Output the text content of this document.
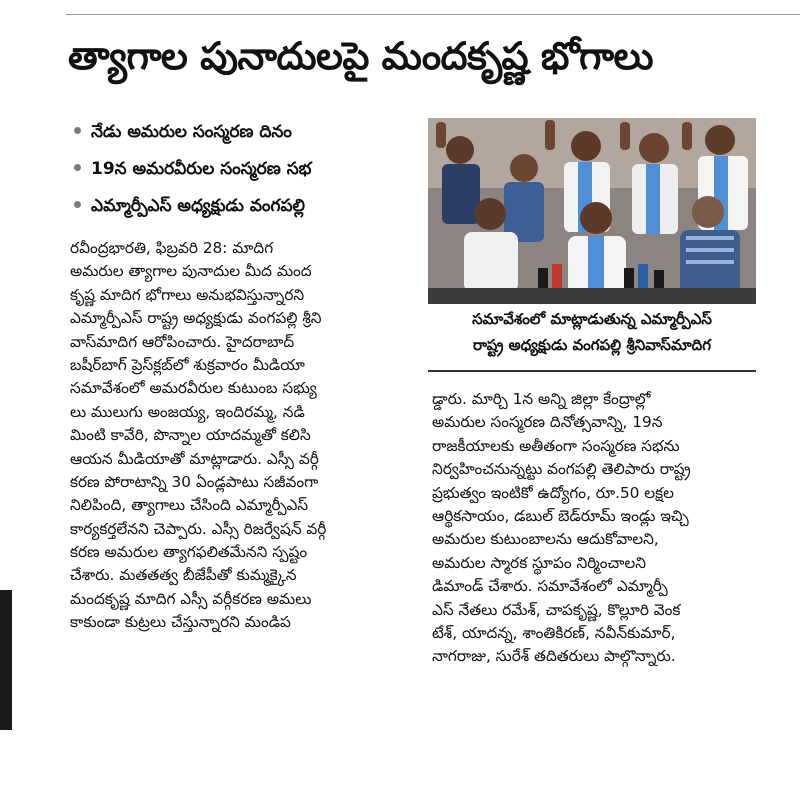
త్యాగాల పునాదులపై మందకృష్ణ భోగాలు
నేడు అమరుల సంస్మరణ దినం
19న అమరవీరుల సంస్మరణ సభ
ఎమ్మార్పీఎస్ అధ్యక్షుడు వంగపల్లి
సమావేశంలో మాట్లాడుతున్న ఎమ్మార్పీఎస్
రాష్ట్ర అధ్యక్షుడు వంగపల్లి శ్రీనివాస్‌మాదిగ
రవీంద్రభారతి, ఫిబ్రవరి 28: మాదిగ
అమరుల త్యాగాల పునాదుల మీద మంద
కృష్ణ మాదిగ భోగాలు అనుభవిస్తున్నారని
ఎమ్మార్పీఎస్ రాష్ట్ర అధ్యక్షుడు వంగపల్లి శ్రీని
వాస్‌మాదిగ ఆరోపించారు. హైదరాబాద్
బషీర్‌బాగ్ ప్రెస్‌క్లబ్‌లో శుక్రవారం మీడియా
సమావేశంలో అమరవీరుల కుటుంబ సభ్యు
లు ములుగు అంజయ్య, ఇందిరమ్మ, నడి
మింటి కావేరి, పొన్నాల యాదమ్మతో కలిసి
ఆయన మీడియాతో మాట్లాడారు. ఎస్సీ వర్గీ
కరణ పోరాటాన్ని 30 ఏండ్లపాటు సజీవంగా
నిలిపింది, త్యాగాలు చేసింది ఎమ్మార్పీఎస్
కార్యకర్తలేనని చెప్పారు. ఎస్సీ రిజర్వేషన్ వర్గీ
కరణ అమరుల త్యాగఫలితమేనని స్పష్టం
చేశారు. మతతత్వ బీజేపీతో కుమ్మక్కైన
మందకృష్ణ మాదిగ ఎస్సీ వర్గీకరణ అమలు
కాకుండా కుట్రలు చేస్తున్నారని మండిప
డ్డారు. మార్చి 1న అన్ని జిల్లా కేంద్రాల్లో
అమరుల సంస్మరణ దినోత్సవాన్ని, 19న
రాజకీయాలకు అతీతంగా సంస్మరణ సభను
నిర్వహించనున్నట్టు వంగపల్లి తెలిపారు రాష్ట్ర
ప్రభుత్వం ఇంటికో ఉద్యోగం, రూ.50 లక్షల
ఆర్థికసాయం, డబుల్ బెడ్‌రూమ్ ఇండ్లు ఇచ్చి
అమరుల కుటుంబాలను ఆదుకోవాలని,
అమరుల స్మారక స్థూపం నిర్మించాలని
డిమాండ్ చేశారు. సమావేశంలో ఎమ్మార్పీ
ఎస్ నేతలు రమేశ్, చాపకృష్ణ, కొల్లూరి వెంక
టేశ్, యాదన్న, శాంతికిరణ్, నవీన్‌కుమార్,
నాగరాజు, సురేశ్ తదితరులు పాల్గొన్నారు.
